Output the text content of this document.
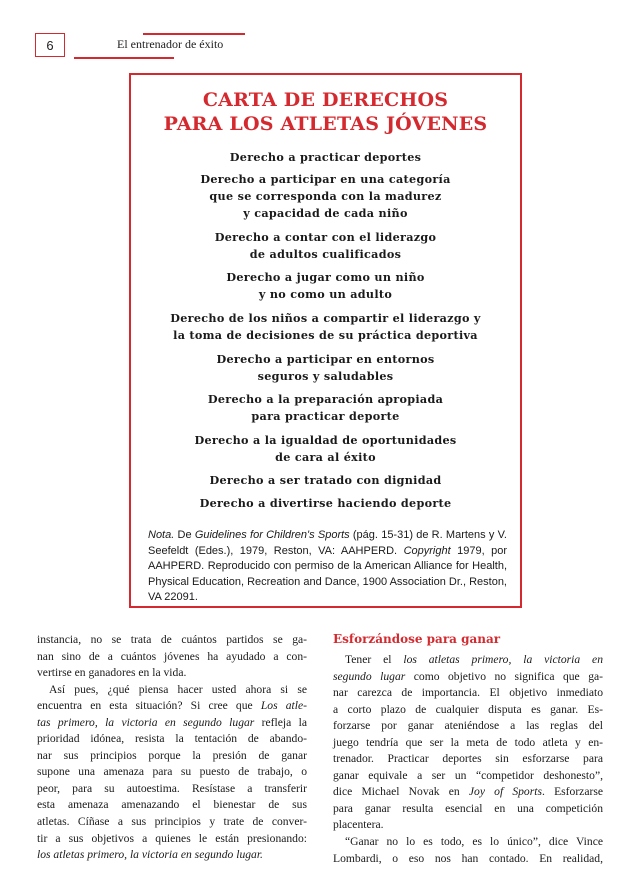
6	El entrenador de éxito
CARTA DE DERECHOS
PARA LOS ATLETAS JÓVENES
Derecho a practicar deportes
Derecho a participar en una categoría
que se corresponda con la madurez
y capacidad de cada niño
Derecho a contar con el liderazgo
de adultos cualificados
Derecho a jugar como un niño
y no como un adulto
Derecho de los niños a compartir el liderazgo y
la toma de decisiones de su práctica deportiva
Derecho a participar en entornos
seguros y saludables
Derecho a la preparación apropiada
para practicar deporte
Derecho a la igualdad de oportunidades
de cara al éxito
Derecho a ser tratado con dignidad
Derecho a divertirse haciendo deporte
Nota. De Guidelines for Children's Sports (pág. 15-31) de R. Martens y V. Seefeldt (Edes.), 1979, Reston, VA: AAHPERD. Copyright 1979, por AAHPERD. Reproducido con permiso de la American Alliance for Health, Physical Education, Recreation and Dance, 1900 Association Dr., Reston, VA 22091.
instancia, no se trata de cuántos partidos se ga-
nan sino de a cuántos jóvenes ha ayudado a con-
vertirse en ganadores en la vida.
Así pues, ¿qué piensa hacer usted ahora si se
encuentra en esta situación? Si cree que Los atle-
tas primero, la victoria en segundo lugar refleja la
prioridad idónea, resista la tentación de abando-
nar sus principios porque la presión de ganar
supone una amenaza para su puesto de trabajo, o
peor, para su autoestima. Resístase a transferir
esta amenaza amenazando el bienestar de sus
atletas. Cíñase a sus principios y trate de conver-
tir a sus objetivos a quienes le están presionando:
los atletas primero, la victoria en segundo lugar.
Esforzándose para ganar
Tener el los atletas primero, la victoria en
segundo lugar como objetivo no significa que ga-
nar carezca de importancia. El objetivo inmediato
a corto plazo de cualquier disputa es ganar. Es-
forzarse por ganar ateniéndose a las reglas del
juego tendría que ser la meta de todo atleta y en-
trenador. Practicar deportes sin esforzarse para
ganar equivale a ser un “competidor deshonesto”,
dice Michael Novak en Joy of Sports. Esforzarse
para ganar resulta esencial en una competición
placentera.
“Ganar no lo es todo, es lo único”, dice Vince
Lombardi, o eso nos han contado. En realidad,
